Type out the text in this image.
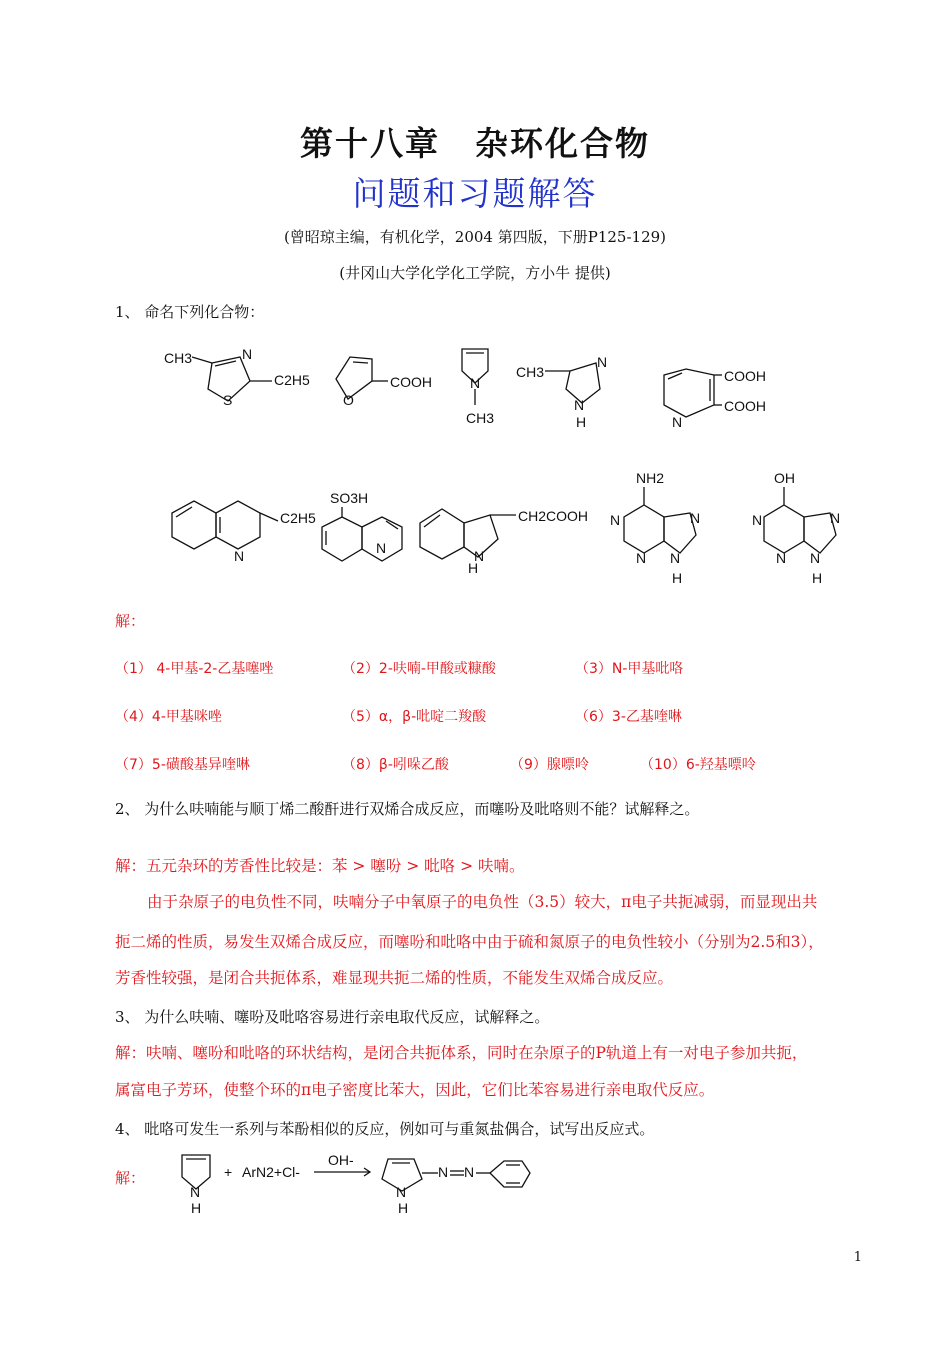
第十八章　杂环化合物
问题和习题解答
(曾昭琼主编，有机化学，2004 第四版，下册P125-129)
(井冈山大学化学化工学院，方小牛 提供)
1、 命名下列化合物：
CH3	N
C2H5
S
COOH
O
N
CH3
CH3
N
N
H
COOH
COOH
N
C2H5
N
SO3H
N
CH2COOH
N
H
NH2
N
N
N
N
H
OH
N
N
N
N
H
解：
（1） 4-甲基-2-乙基噻唑	（2）2-呋喃-甲酸或糠酸	（3）N-甲基吡咯
（4）4-甲基咪唑	（5）α，β-吡啶二羧酸	（6）3-乙基喹啉
（7）5-磺酸基异喹啉	（8）β-吲哚乙酸	（9）腺嘌呤	（10）6-羟基嘌呤
2、 为什么呋喃能与顺丁烯二酸酐进行双烯合成反应，而噻吩及吡咯则不能？试解释之。
解：五元杂环的芳香性比较是：苯 > 噻吩 > 吡咯 > 呋喃。
由于杂原子的电负性不同，呋喃分子中氧原子的电负性（3.5）较大，π电子共扼减弱，而显现出共
扼二烯的性质，易发生双烯合成反应，而噻吩和吡咯中由于硫和氮原子的电负性较小（分别为2.5和3），
芳香性较强，是闭合共扼体系，难显现共扼二烯的性质，不能发生双烯合成反应。
3、 为什么呋喃、噻吩及吡咯容易进行亲电取代反应，试解释之。
解：呋喃、噻吩和吡咯的环状结构，是闭合共扼体系，同时在杂原子的P轨道上有一对电子参加共扼，
属富电子芳环，使整个环的π电子密度比苯大，因此，它们比苯容易进行亲电取代反应。
4、 吡咯可发生一系列与苯酚相似的反应，例如可与重氮盐偶合，试写出反应式。
解：
N
H
+ ArN2+Cl-
OH-
N
H
N N
1
